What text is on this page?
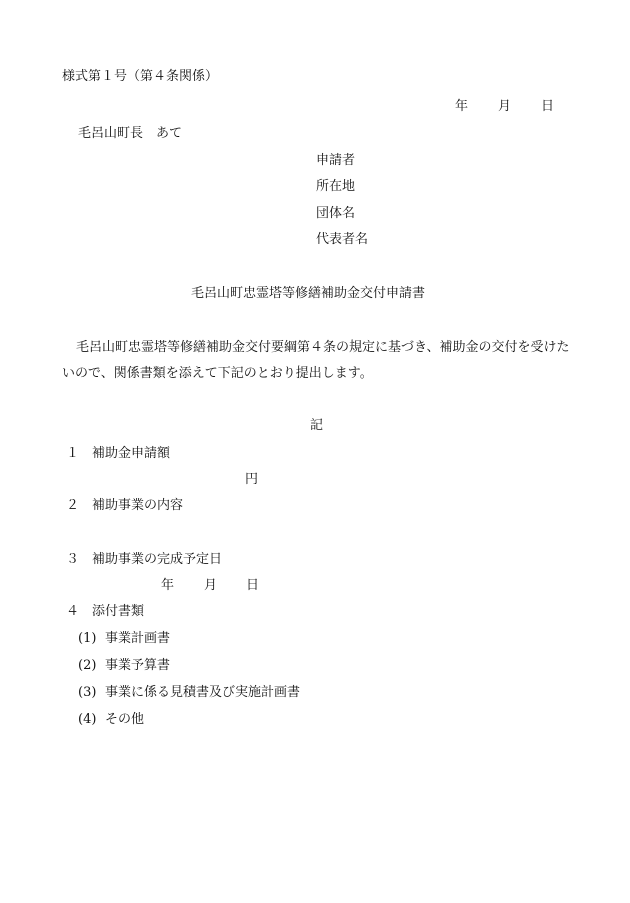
様式第１号（第４条関係）
年 月 日
毛呂山町長　あて
申請者
所在地
団体名
代表者名
毛呂山町忠霊塔等修繕補助金交付申請書
毛呂山町忠霊塔等修繕補助金交付要綱第４条の規定に基づき、補助金の交付を受けたいので、関係書類を添えて下記のとおり提出します。
記
１ 補助金申請額
円
２ 補助事業の内容
３ 補助事業の完成予定日
年 月 日
４ 添付書類
(1) 事業計画書
(2) 事業予算書
(3) 事業に係る見積書及び実施計画書
(4) その他
